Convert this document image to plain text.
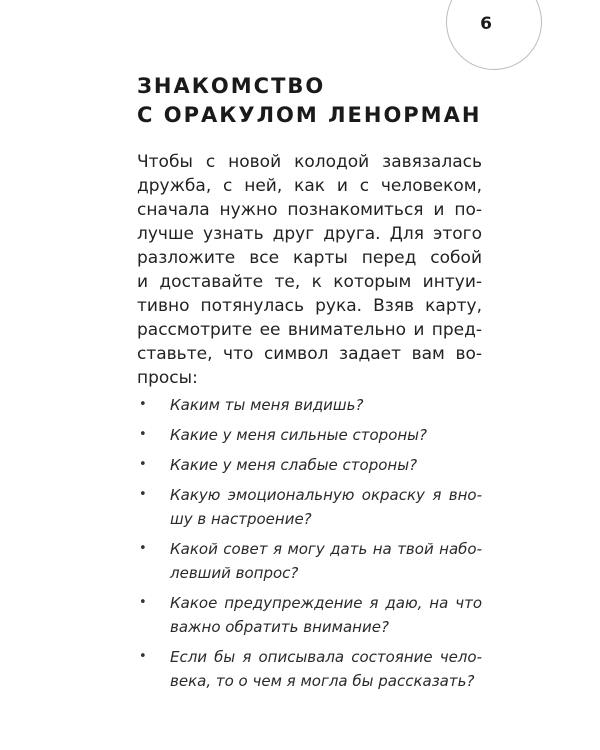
6
ЗНАКОМСТВО
С ОРАКУЛОМ ЛЕНОРМАН
Чтобы с новой колодой завязалась
дружба, с ней, как и с человеком,
сначала нужно познакомиться и по-
лучше узнать друг друга. Для этого
разложите все карты перед собой
и доставайте те, к которым интуи-
тивно потянулась рука. Взяв карту,
рассмотрите ее внимательно и пред-
ставьте, что символ задает вам во-
просы:
• Каким ты меня видишь?
• Какие у меня сильные стороны?
• Какие у меня слабые стороны?
• Какую эмоциональную окраску я вно-
шу в настроение?
• Какой совет я могу дать на твой набо-
левший вопрос?
• Какое предупреждение я даю, на что
важно обратить внимание?
• Если бы я описывала состояние чело-
века, то о чем я могла бы рассказать?
